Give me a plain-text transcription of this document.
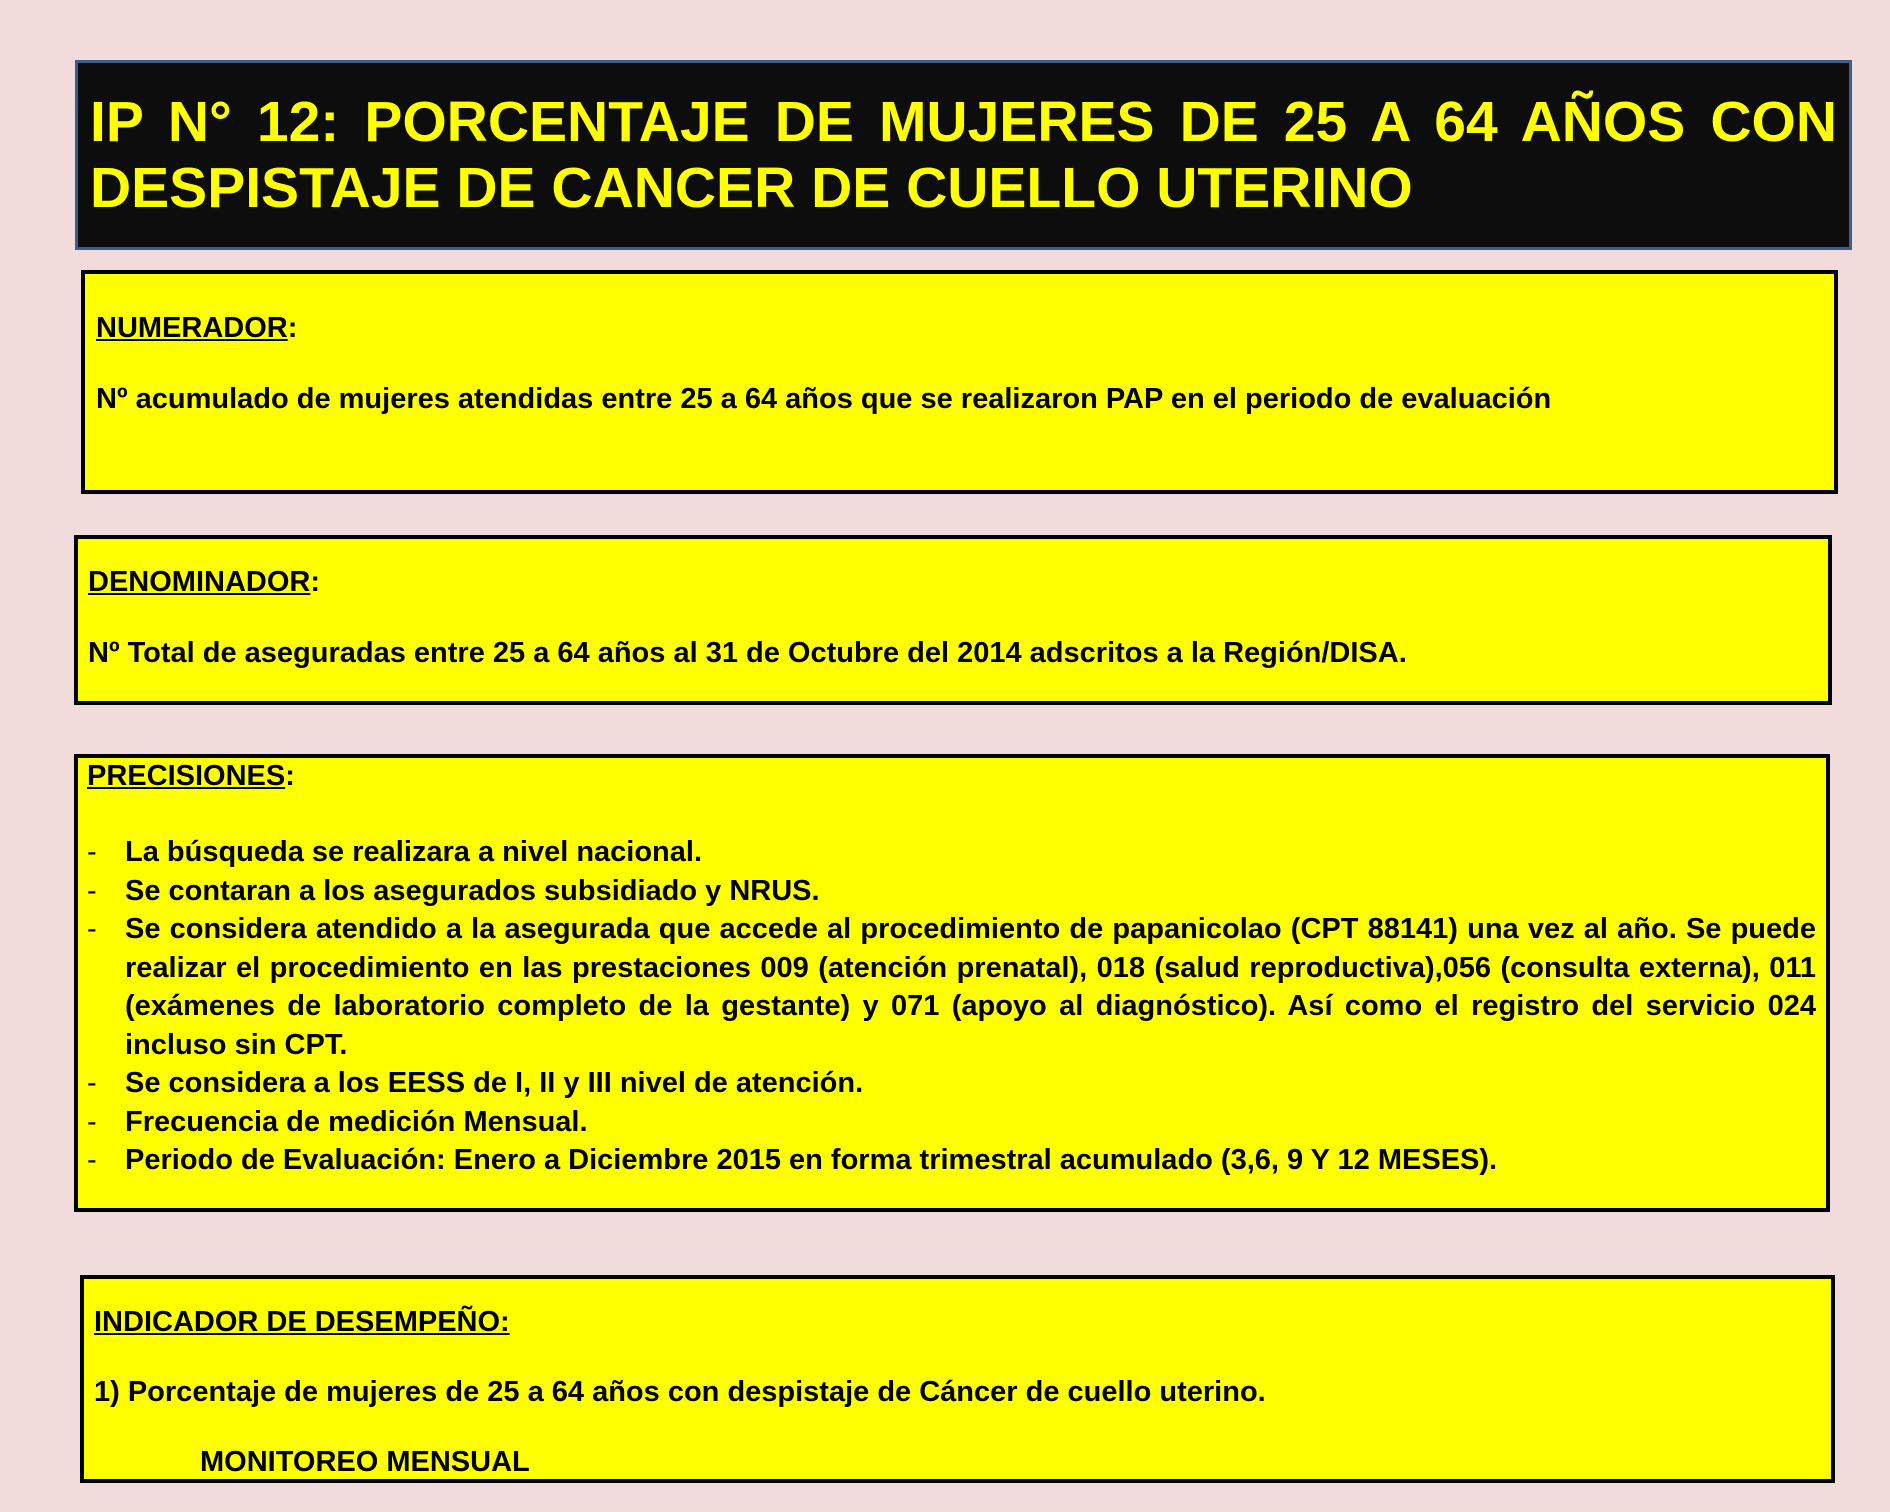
IP N° 12: PORCENTAJE DE MUJERES DE 25 A 64 AÑOS CON DESPISTAJE DE CANCER DE CUELLO UTERINO

NUMERADOR:

Nº acumulado de mujeres atendidas entre 25 a 64 años que se realizaron PAP en el periodo de evaluación

DENOMINADOR:

Nº Total de aseguradas entre 25 a 64 años al 31 de Octubre del 2014 adscritos a la Región/DISA.

PRECISIONES:

- La búsqueda se realizara a nivel nacional.
- Se contaran a los asegurados subsidiado y NRUS.
- Se considera atendido a la asegurada que accede al procedimiento de papanicolao (CPT 88141) una vez al año. Se puede realizar el procedimiento en las prestaciones 009 (atención prenatal), 018 (salud reproductiva),056 (consulta externa), 011 (exámenes de laboratorio completo de la gestante) y 071 (apoyo al diagnóstico). Así como el registro del servicio 024 incluso sin CPT.
- Se considera a los EESS de I, II y III nivel de atención.
- Frecuencia de medición Mensual.
- Periodo de Evaluación: Enero a Diciembre 2015 en forma trimestral acumulado (3,6, 9 Y 12 MESES).

INDICADOR DE DESEMPEÑO:

1) Porcentaje de mujeres de 25 a 64 años con despistaje de Cáncer de cuello uterino.

MONITOREO MENSUAL
